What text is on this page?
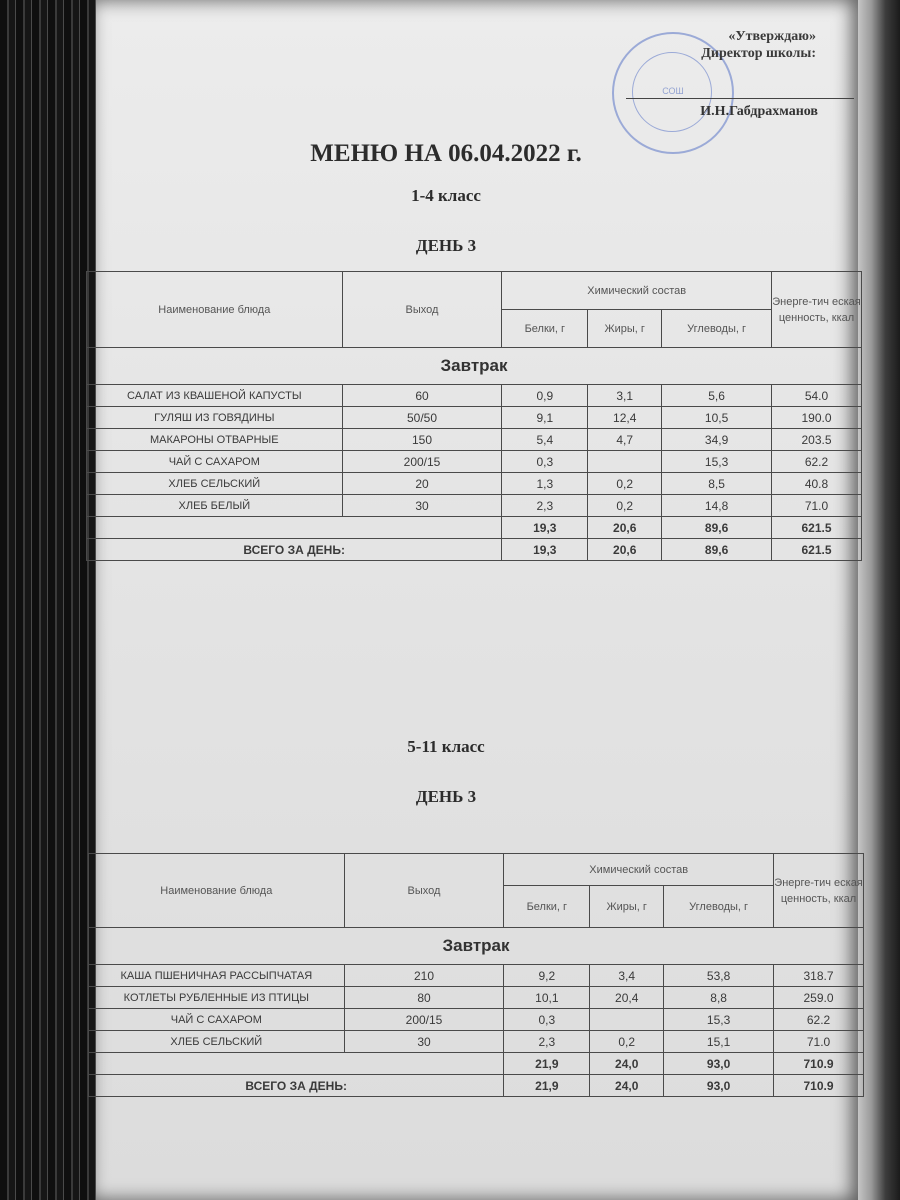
СОШ
«Утверждаю»
Директор школы:
И.Н.Габдрахманов
МЕНЮ НА 06.04.2022 г.
1-4 класс
ДЕНЬ 3
Наименование блюда	Выход	Химический состав			Энерге-тич еская ценность, ккал
		Белки, г	Жиры, г	Углеводы, г	
Завтрак					
САЛАТ ИЗ КВАШЕНОЙ КАПУСТЫ	60	0,9	3,1	5,6	54.0
ГУЛЯШ ИЗ ГОВЯДИНЫ	50/50	9,1	12,4	10,5	190.0
МАКАРОНЫ ОТВАРНЫЕ	150	5,4	4,7	34,9	203.5
ЧАЙ С САХАРОМ	200/15	0,3		15,3	62.2
ХЛЕБ СЕЛЬСКИЙ	20	1,3	0,2	8,5	40.8
ХЛЕБ БЕЛЫЙ	30	2,3	0,2	14,8	71.0
		19,3	20,6	89,6	621.5
ВСЕГО ЗА ДЕНЬ:		19,3	20,6	89,6	621.5
5-11 класс
ДЕНЬ 3
Наименование блюда	Выход	Химический состав			Энерге-тич еская ценность, ккал
		Белки, г	Жиры, г	Углеводы, г	
Завтрак					
КАША ПШЕНИЧНАЯ РАССЫПЧАТАЯ	210	9,2	3,4	53,8	318.7
КОТЛЕТЫ РУБЛЕННЫЕ ИЗ ПТИЦЫ	80	10,1	20,4	8,8	259.0
ЧАЙ С САХАРОМ	200/15	0,3		15,3	62.2
ХЛЕБ СЕЛЬСКИЙ	30	2,3	0,2	15,1	71.0
		21,9	24,0	93,0	710.9
ВСЕГО ЗА ДЕНЬ:		21,9	24,0	93,0	710.9
